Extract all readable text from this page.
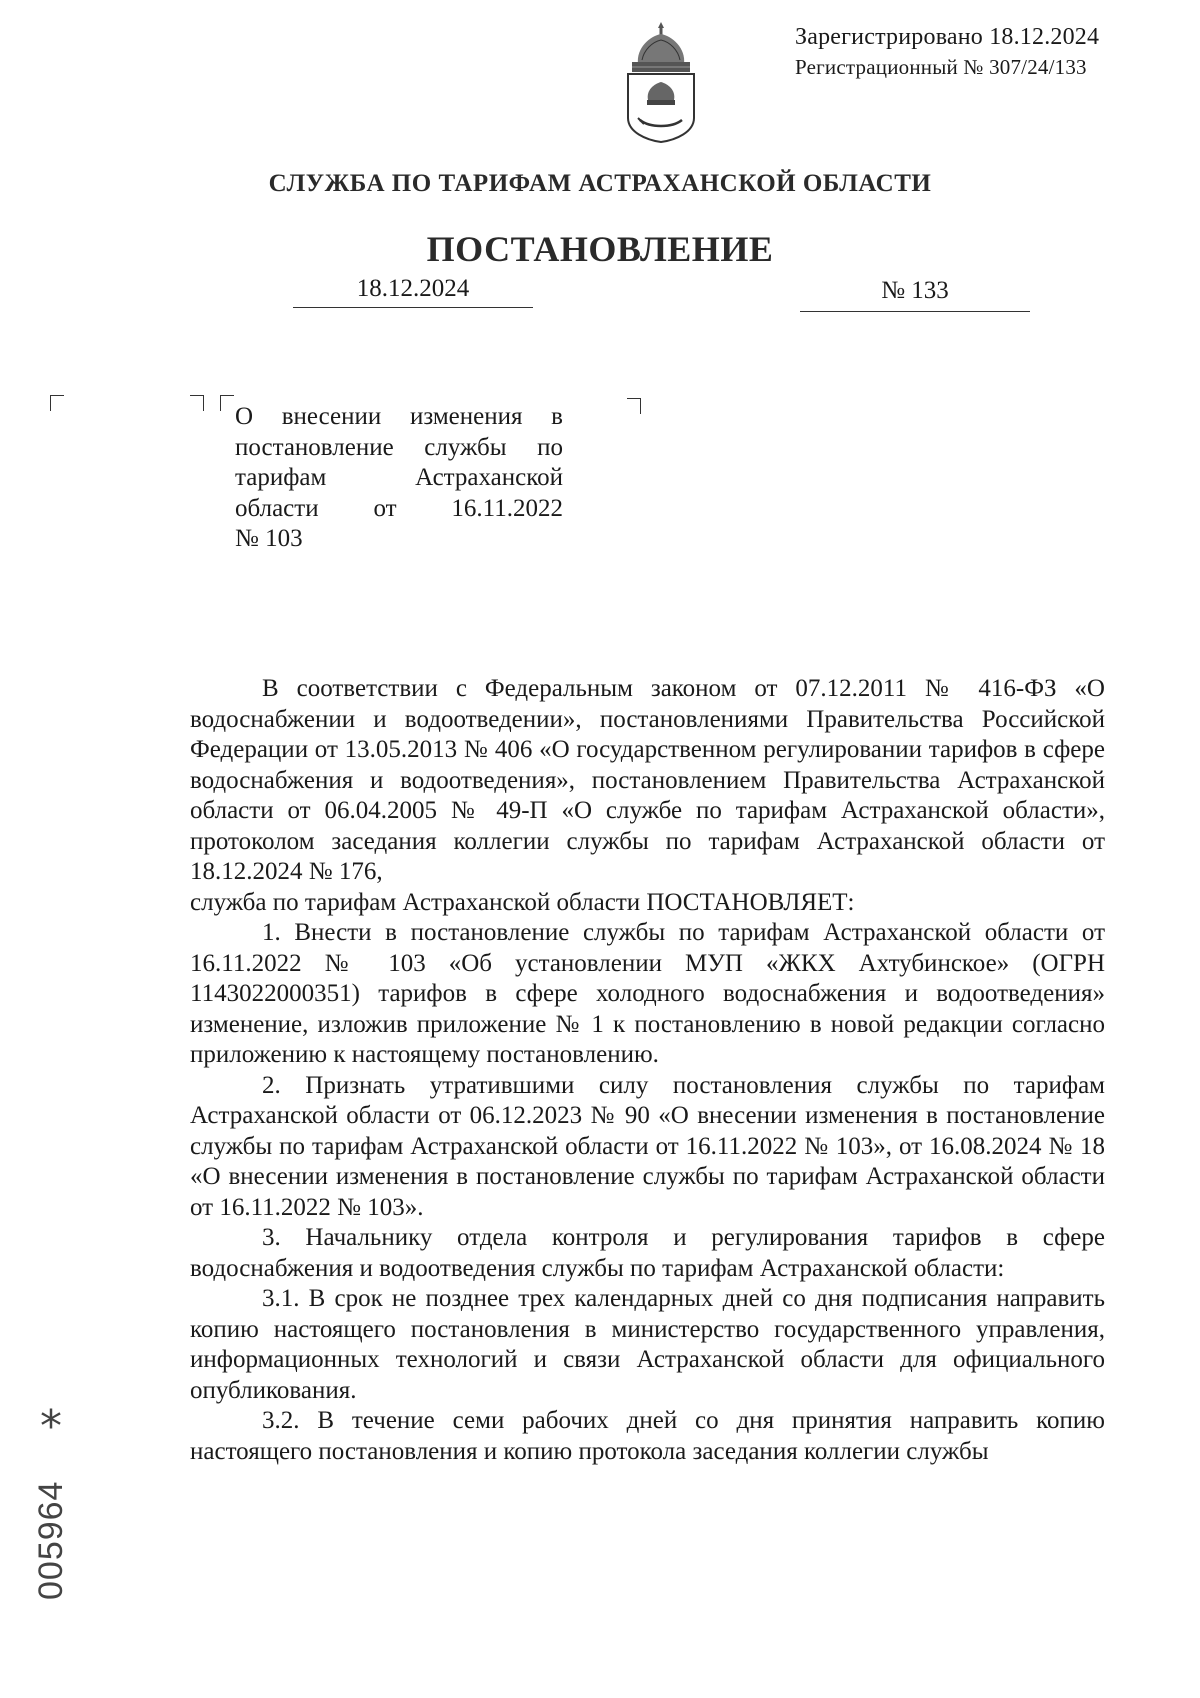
Зарегистрировано 18.12.2024
Регистрационный № 307/24/133
СЛУЖБА ПО ТАРИФАМ АСТРАХАНСКОЙ ОБЛАСТИ
ПОСТАНОВЛЕНИЕ
18.12.2024	№ 133
О внесении изменения в
постановление службы по
тарифам Астраханской
области от 16.11.2022
№ 103

В соответствии с Федеральным законом от 07.12.2011 № 416-ФЗ «О водоснабжении и водоотведении», постановлениями Правительства Российской Федерации от 13.05.2013 № 406 «О государственном регулировании тарифов в сфере водоснабжения и водоотведения», постановлением Правительства Астраханской области от 06.04.2005 № 49-П «О службе по тарифам Астраханской области», протоколом заседания коллегии службы по тарифам Астраханской области от 18.12.2024 № 176,

служба по тарифам Астраханской области ПОСТАНОВЛЯЕТ:

1. Внести в постановление службы по тарифам Астраханской области от 16.11.2022 № 103 «Об установлении МУП «ЖКХ Ахтубинское» (ОГРН 1143022000351) тарифов в сфере холодного водоснабжения и водоотведения» изменение, изложив приложение № 1 к постановлению в новой редакции согласно приложению к настоящему постановлению.

2. Признать утратившими силу постановления службы по тарифам Астраханской области от 06.12.2023 № 90 «О внесении изменения в постановление службы по тарифам Астраханской области от 16.11.2022 № 103», от 16.08.2024 № 18 «О внесении изменения в постановление службы по тарифам Астраханской области от 16.11.2022 № 103».

3. Начальнику отдела контроля и регулирования тарифов в сфере водоснабжения и водоотведения службы по тарифам Астраханской области:

3.1. В срок не позднее трех календарных дней со дня подписания направить копию настоящего постановления в министерство государственного управления, информационных технологий и связи Астраханской области для официального опубликования.

3.2. В течение семи рабочих дней со дня принятия направить копию настоящего постановления и копию протокола заседания коллегии службы

*
005964
